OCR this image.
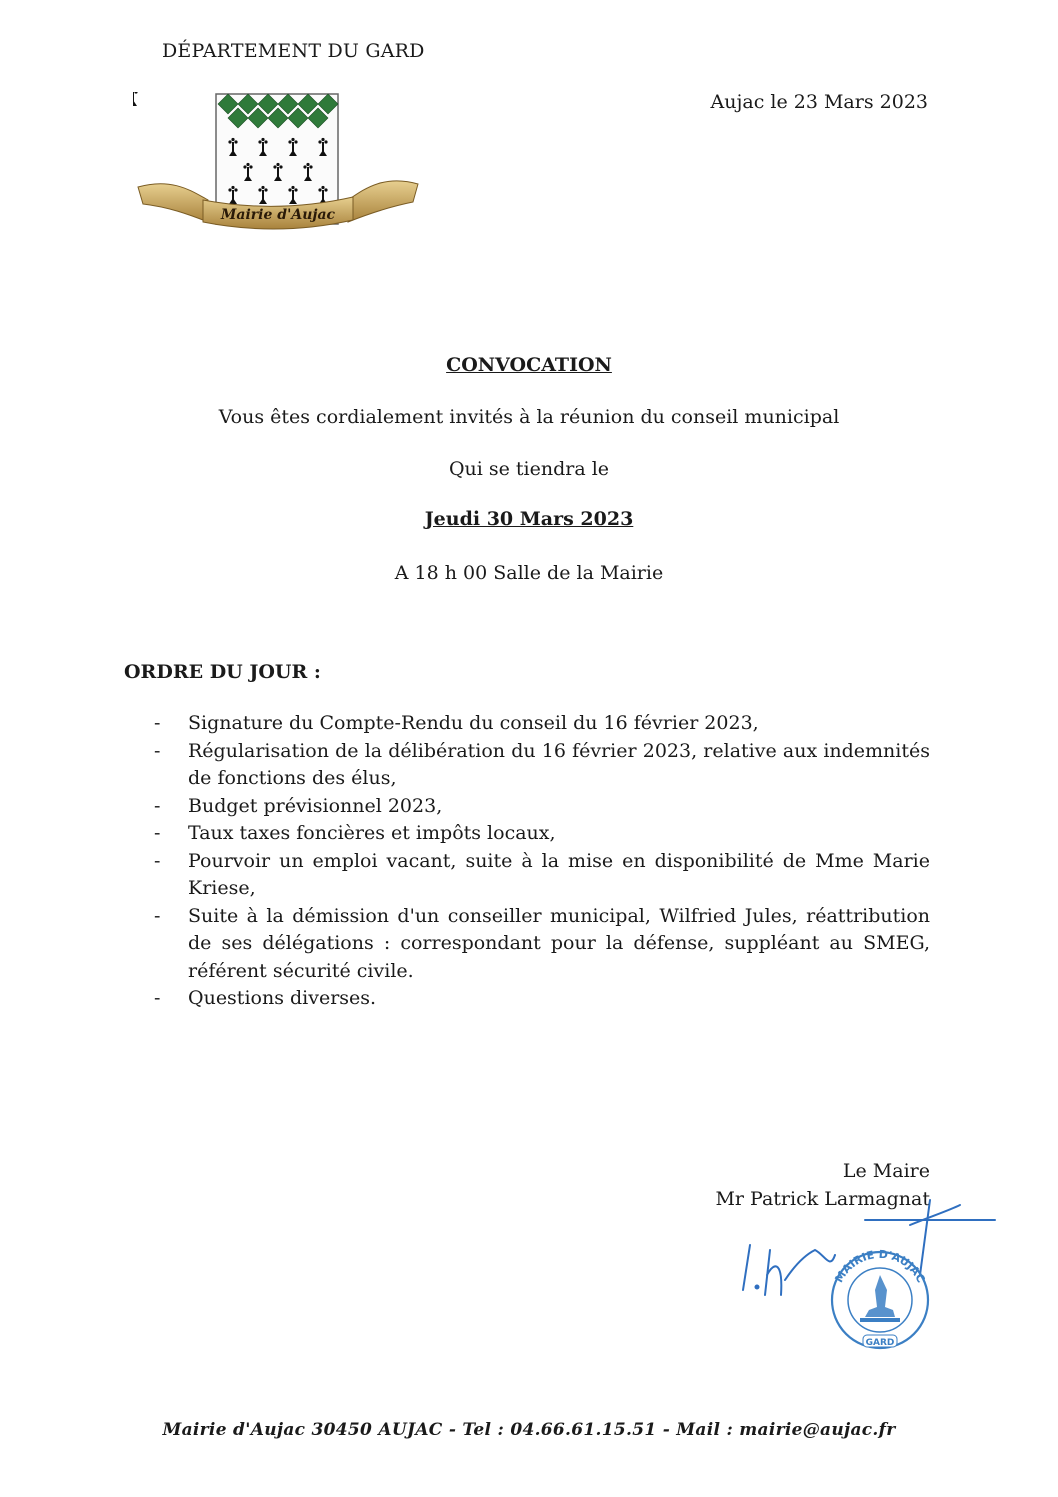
DÉPARTEMENT DU GARD
Aujac le 23 Mars 2023
Mairie d'Aujac
CONVOCATION
Vous êtes cordialement invités à la réunion du conseil municipal
Qui se tiendra le
Jeudi 30 Mars 2023
A 18 h 00 Salle de la Mairie
ORDRE DU JOUR :
- Signature du Compte-Rendu du conseil du 16 février 2023,
- Régularisation de la délibération du 16 février 2023, relative aux indemnités de fonctions des élus,
- Budget prévisionnel 2023,
- Taux taxes foncières et impôts locaux,
- Pourvoir un emploi vacant, suite à la mise en disponibilité de Mme Marie Kriese,
- Suite à la démission d'un conseiller municipal, Wilfried Jules, réattribution de ses délégations : correspondant pour la défense, suppléant au SMEG, référent sécurité civile.
- Questions diverses.
Le Maire
Mr Patrick Larmagnat
MAIRIE D'AUJAC
GARD
Mairie d'Aujac 30450 AUJAC - Tel : 04.66.61.15.51 - Mail : mairie@aujac.fr
